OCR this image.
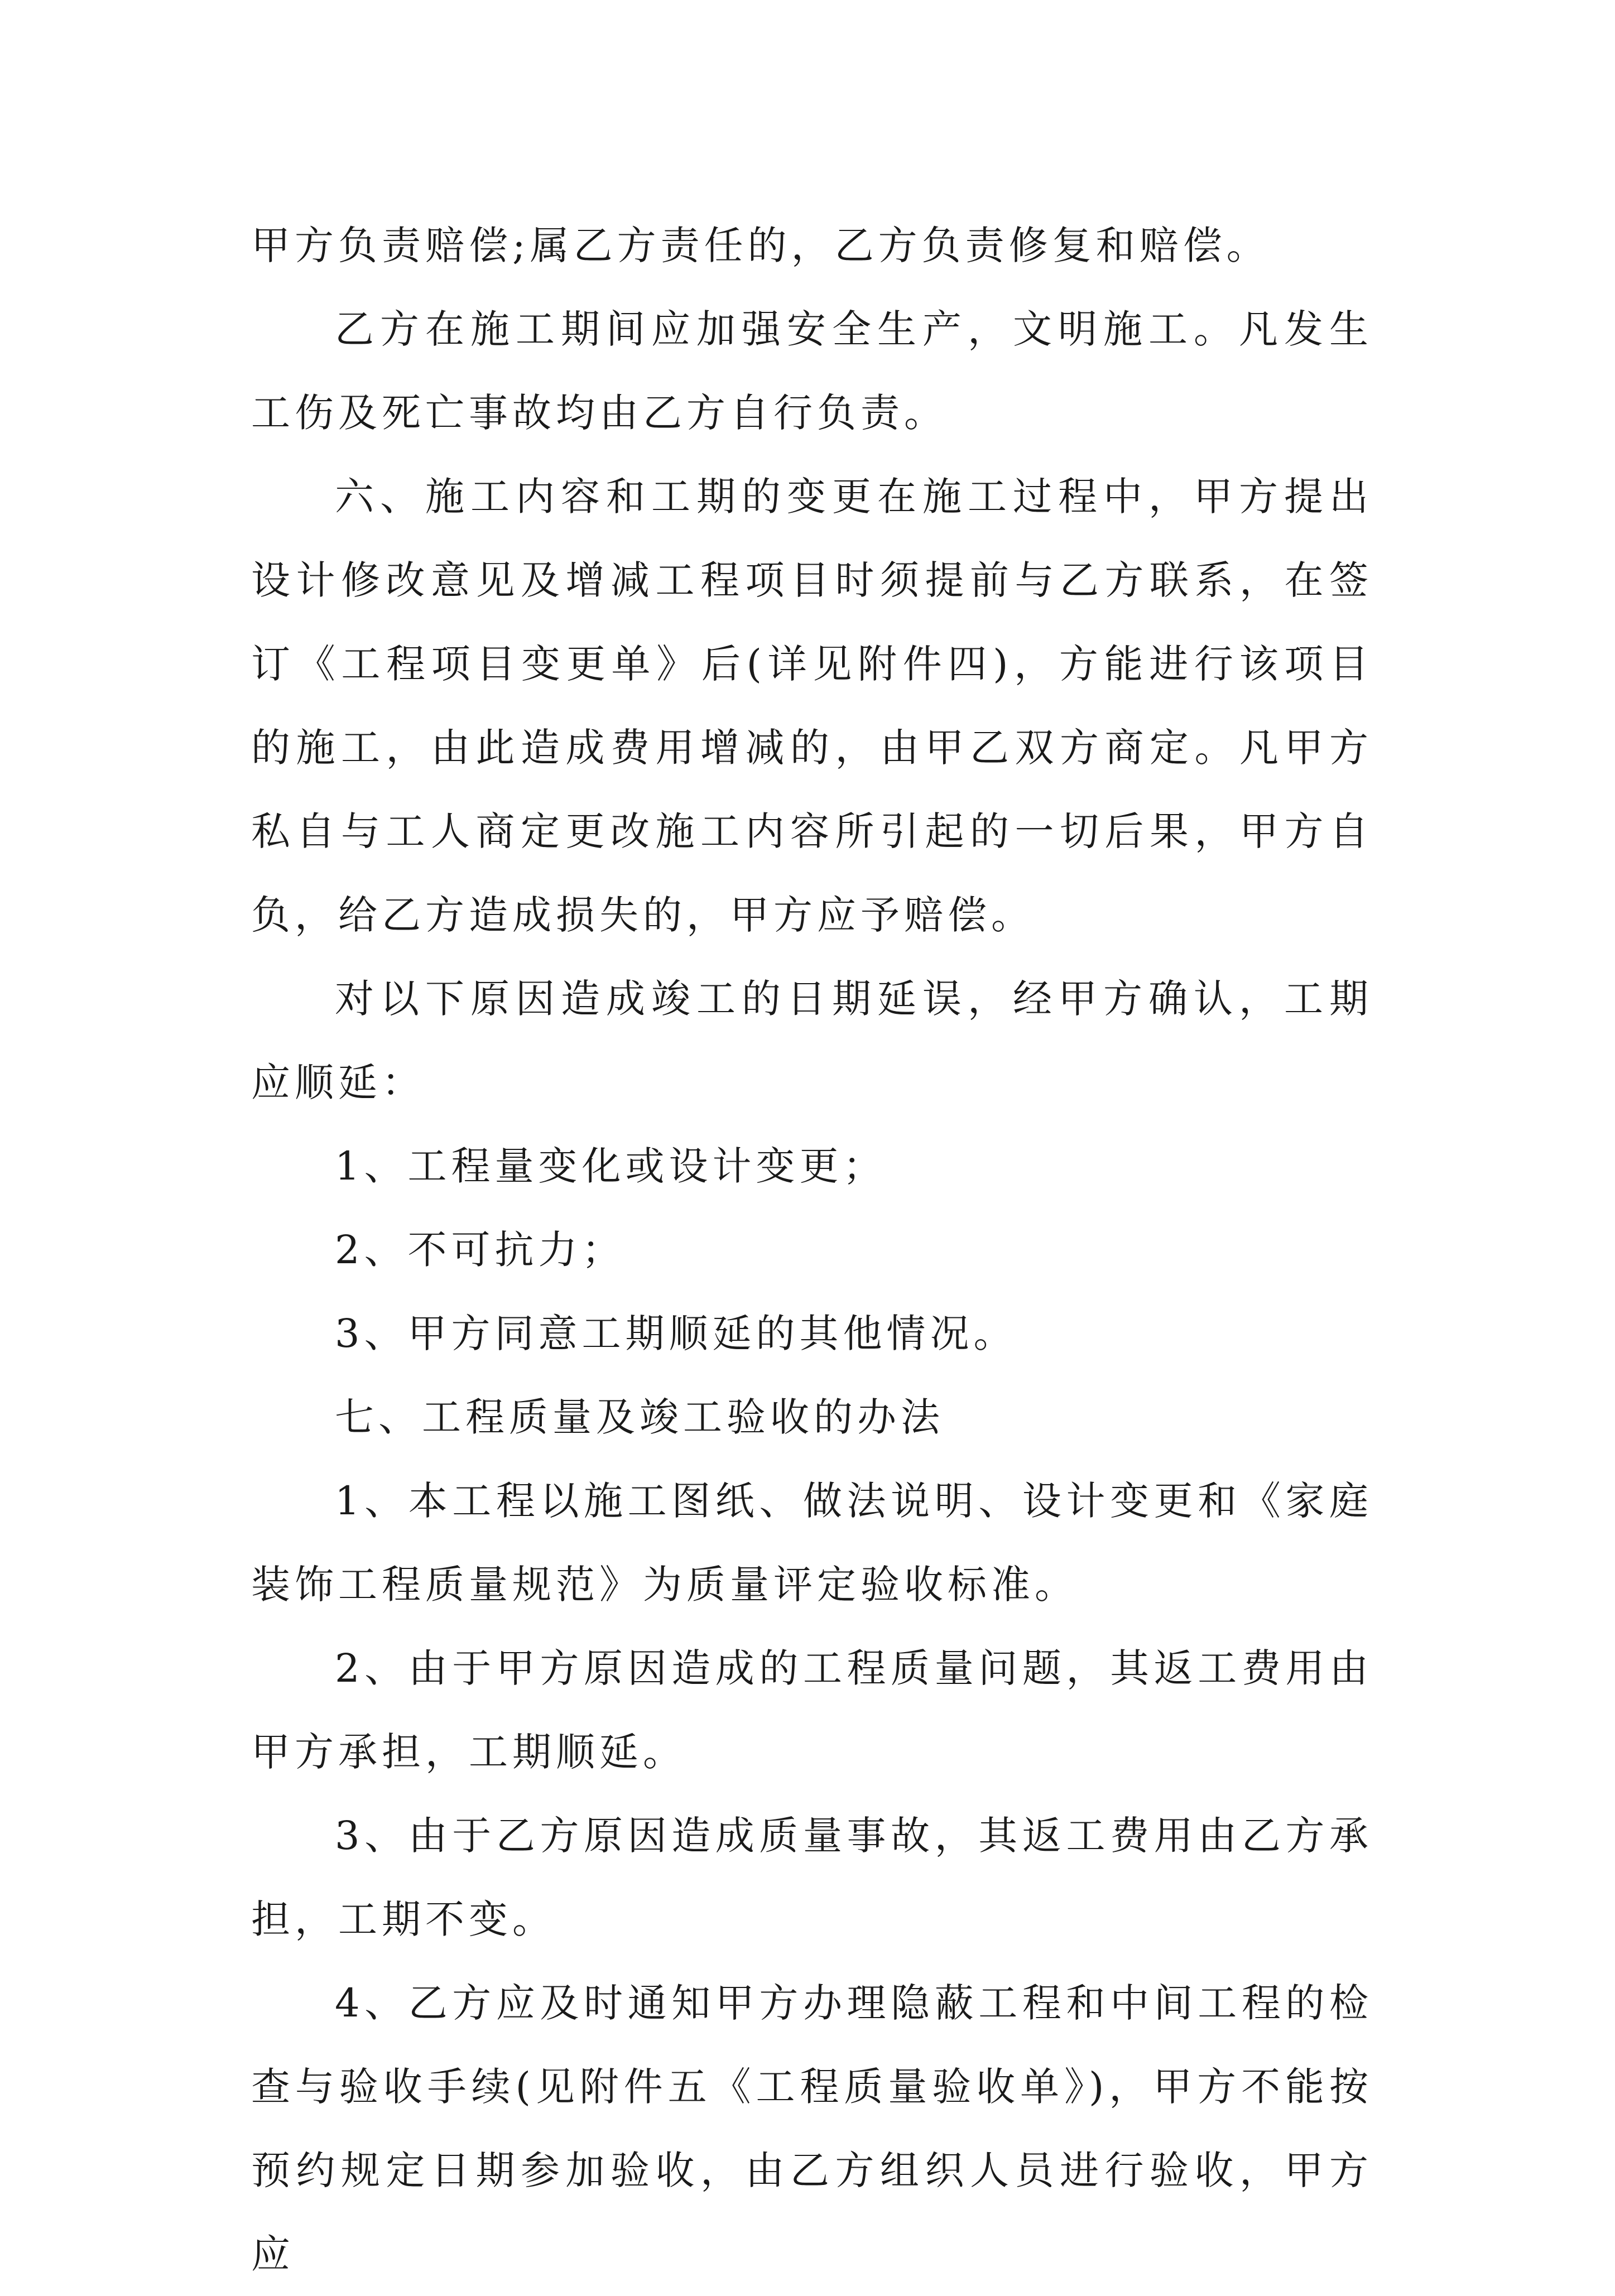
甲方负责赔偿;属乙方责任的，乙方负责修复和赔偿。

乙方在施工期间应加强安全生产，文明施工。凡发生工伤及死亡事故均由乙方自行负责。

六、施工内容和工期的变更在施工过程中，甲方提出设计修改意见及增减工程项目时须提前与乙方联系，在签订《工程项目变更单》后(详见附件四)，方能进行该项目的施工，由此造成费用增减的，由甲乙双方商定。凡甲方私自与工人商定更改施工内容所引起的一切后果，甲方自负，给乙方造成损失的，甲方应予赔偿。

对以下原因造成竣工的日期延误，经甲方确认，工期应顺延：

1、工程量变化或设计变更；

2、不可抗力；

3、甲方同意工期顺延的其他情况。

七、工程质量及竣工验收的办法

1、本工程以施工图纸、做法说明、设计变更和《家庭装饰工程质量规范》为质量评定验收标准。

2、由于甲方原因造成的工程质量问题，其返工费用由甲方承担，工期顺延。

3、由于乙方原因造成质量事故，其返工费用由乙方承担，工期不变。

4、乙方应及时通知甲方办理隐蔽工程和中间工程的检查与验收手续(见附件五《工程质量验收单》)，甲方不能按预约规定日期参加验收，由乙方组织人员进行验收，甲方应
